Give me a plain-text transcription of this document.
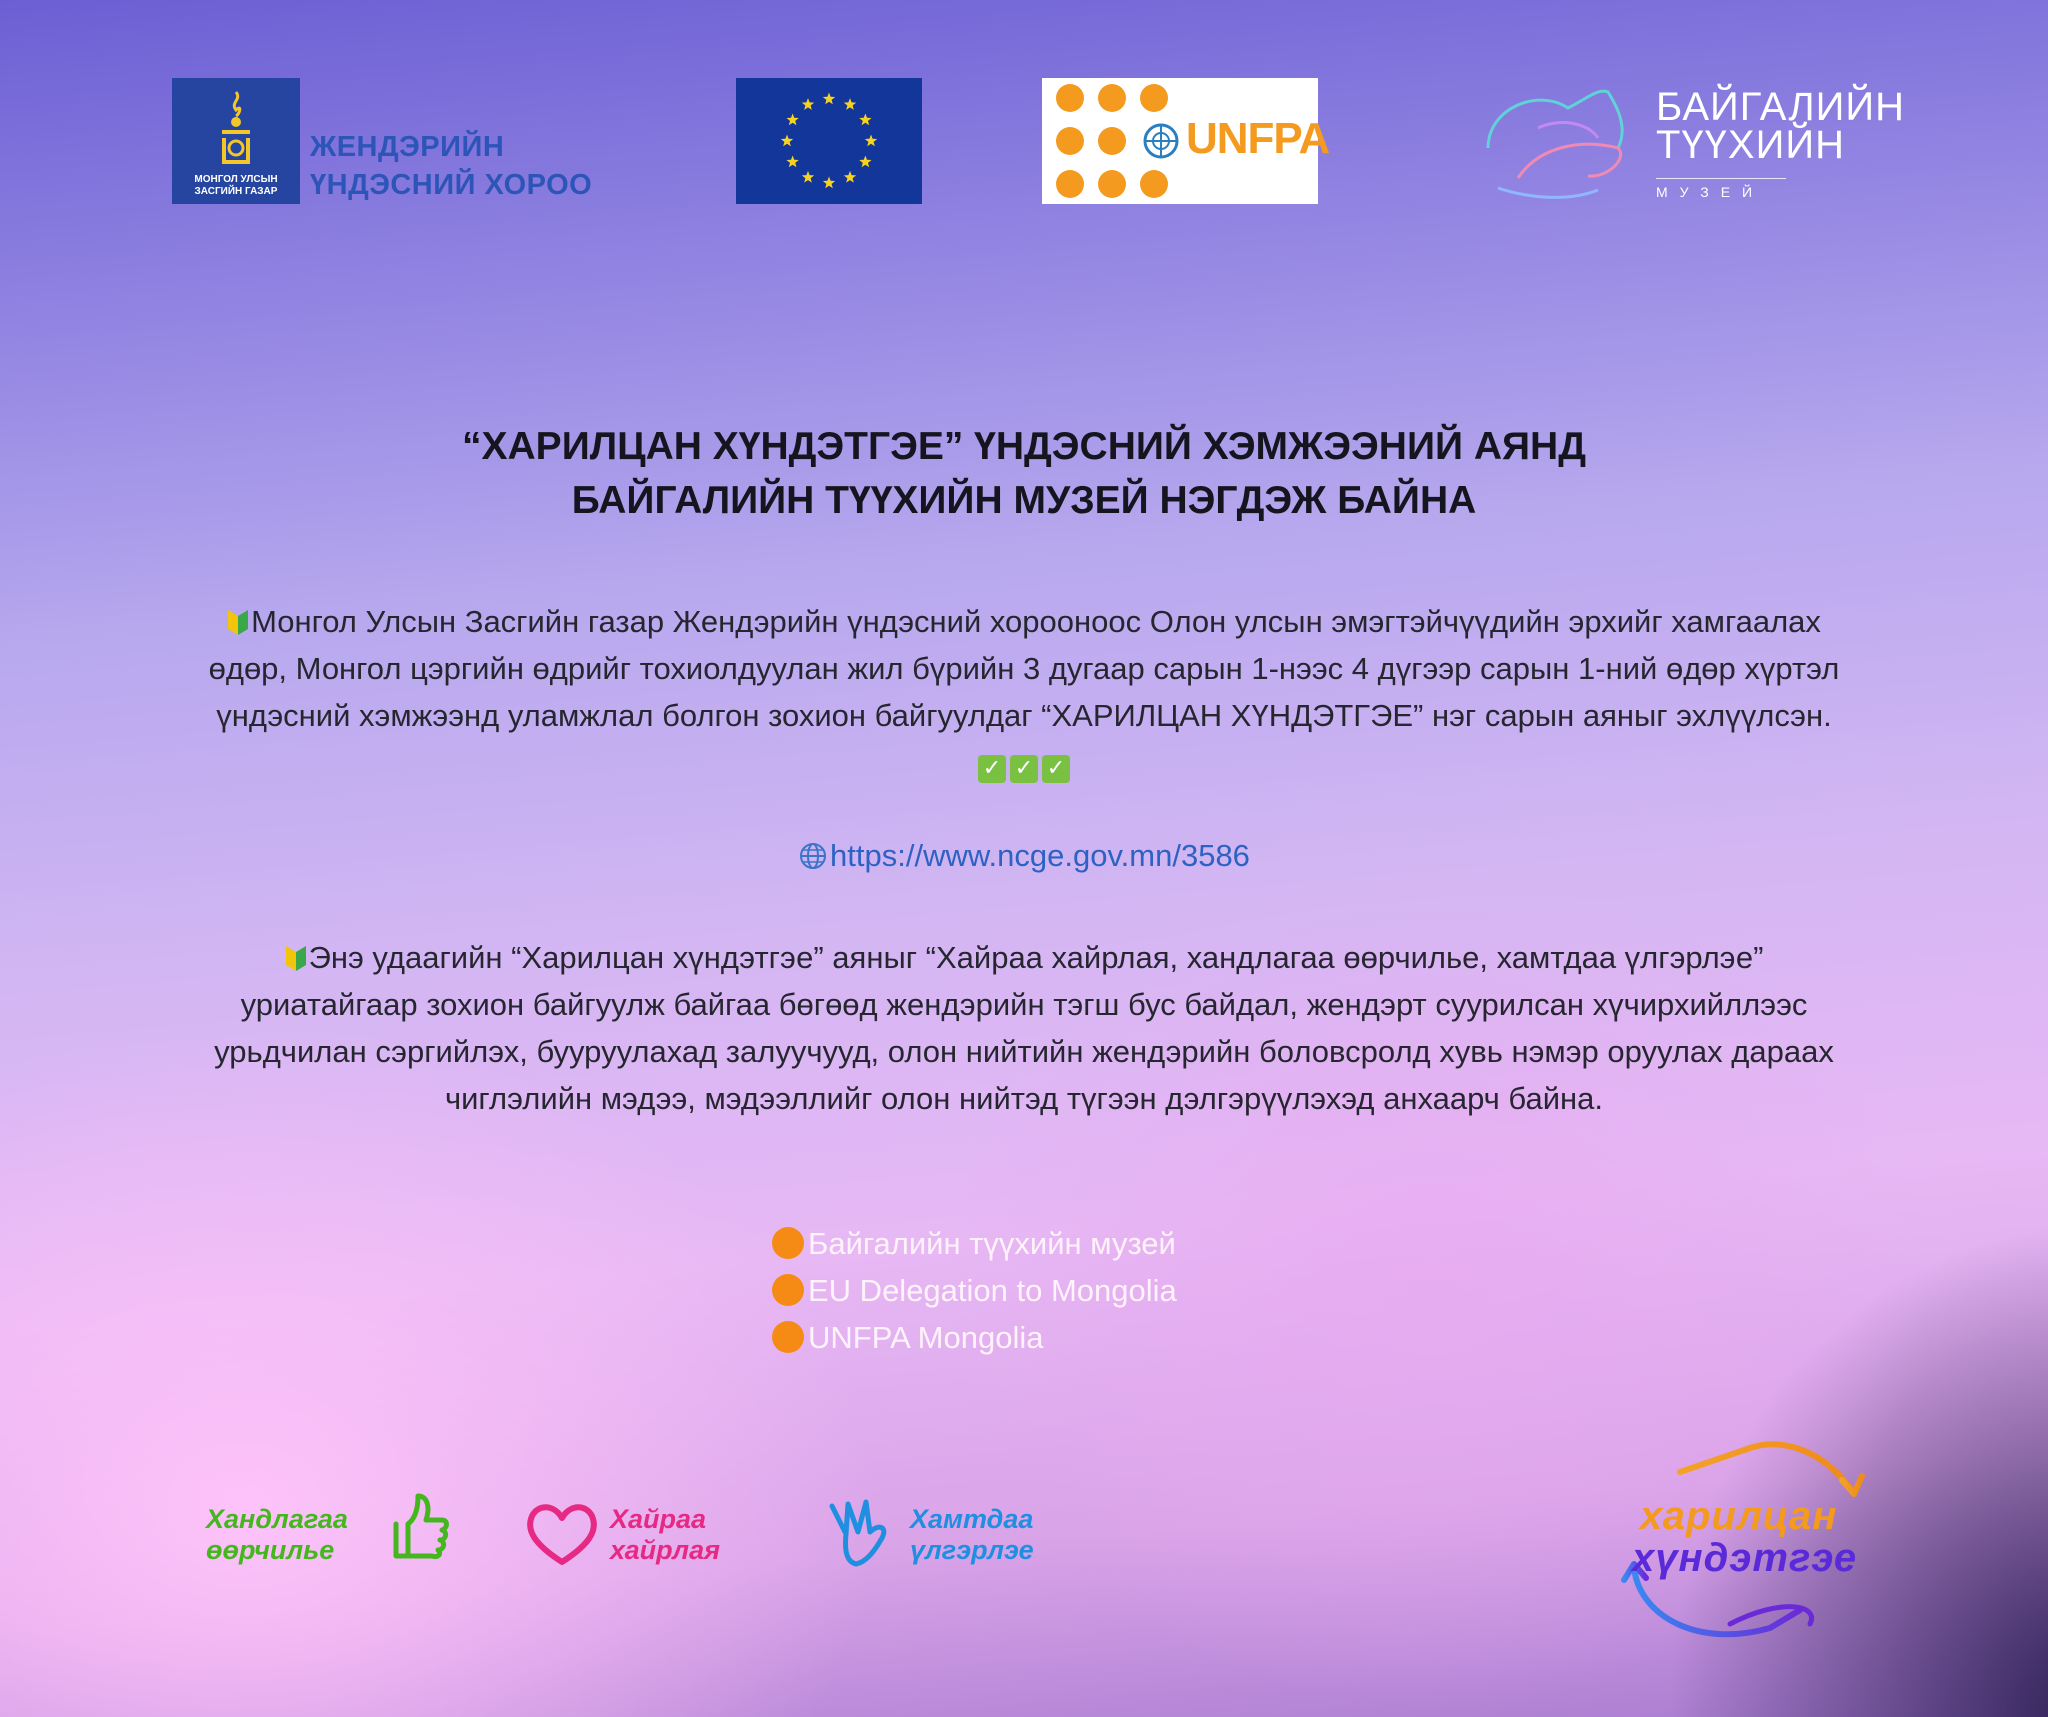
МОНГОЛ УЛСЫН
ЗАСГИЙН ГАЗАР
ЖЕНДЭРИЙН
ҮНДЭСНИЙ ХОРОО
UNFPA
БАЙГАЛИЙН
ТҮҮХИЙН
МУЗЕЙ
“ХАРИЛЦАН ХҮНДЭТГЭЕ” ҮНДЭСНИЙ ХЭМЖЭЭНИЙ АЯНД
БАЙГАЛИЙН ТҮҮХИЙН МУЗЕЙ НЭГДЭЖ БАЙНА
Монгол Улсын Засгийн газар Жендэрийн үндэсний хорооноос Олон улсын эмэгтэйчүүдийн эрхийг хамгаалах
өдөр, Монгол цэргийн өдрийг тохиолдуулан жил бүрийн 3 дугаар сарын 1-нээс 4 дүгээр сарын 1-ний өдөр хүртэл
үндэсний хэмжээнд уламжлал болгон зохион байгуулдаг “ХАРИЛЦАН ХҮНДЭТГЭЕ” нэг сарын аяныг эхлүүлсэн.
✓ ✓ ✓
https://www.ncge.gov.mn/3586
Энэ удаагийн “Харилцан хүндэтгэе” аяныг “Хайраа хайрлая, хандлагаа өөрчилье, хамтдаа үлгэрлэе”
уриатайгаар зохион байгуулж байгаа бөгөөд жендэрийн тэгш бус байдал, жендэрт суурилсан хүчирхийллээс
урьдчилан сэргийлэх, бууруулахад залуучууд, олон нийтийн жендэрийн боловсролд хувь нэмэр оруулах дараах
чиглэлийн мэдээ, мэдээллийг олон нийтэд түгээн дэлгэрүүлэхэд анхаарч байна.
Байгалийн түүхийн музей
EU Delegation to Mongolia
UNFPA Mongolia
Хандлагаа
өөрчилье
Хайраа
хайрлая
Хамтдаа
үлгэрлэе
харилцан
хүндэтгэе
